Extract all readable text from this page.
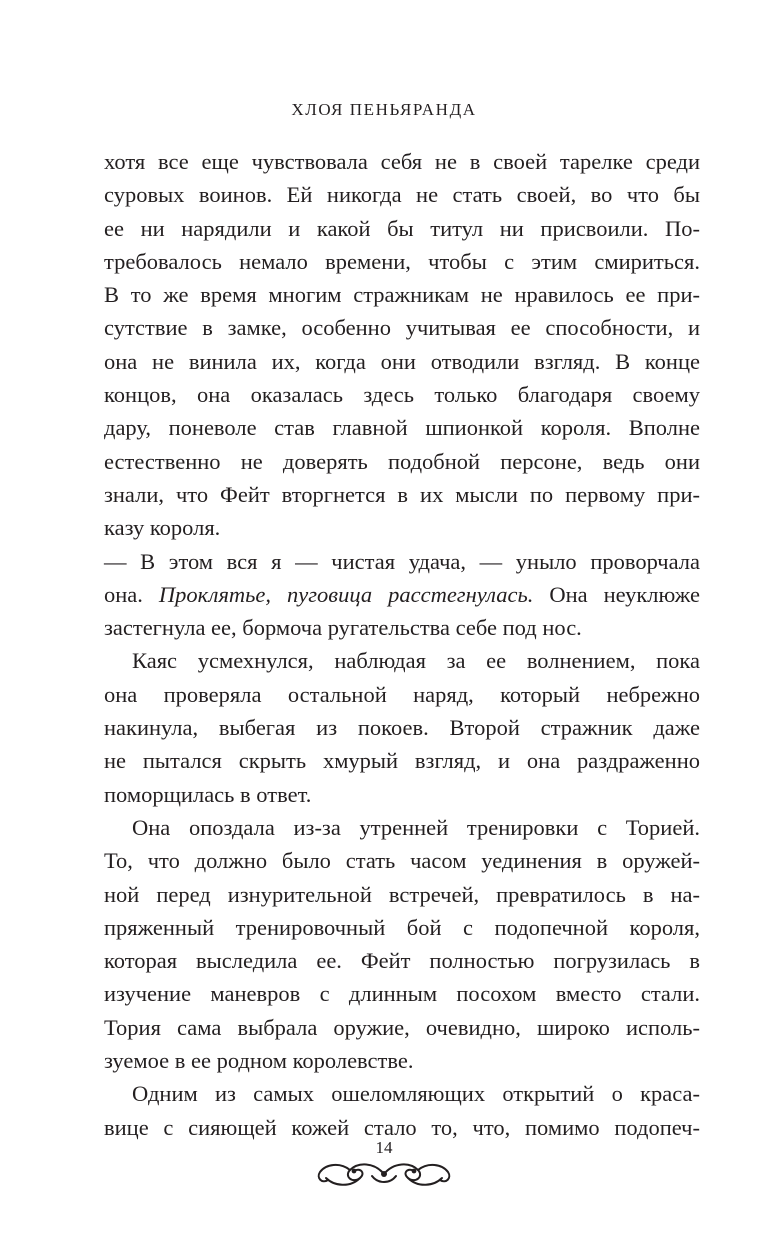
ХЛОЯ ПЕНЬЯРАНДА
хотя все еще чувствовала себя не в своей тарелке среди
суровых воинов. Ей никогда не стать своей, во что бы
ее ни нарядили и какой бы титул ни присвоили. По-
требовалось немало времени, чтобы с этим смириться.
В то же время многим стражникам не нравилось ее при-
сутствие в замке, особенно учитывая ее способности, и
она не винила их, когда они отводили взгляд. В конце
концов, она оказалась здесь только благодаря своему
дару, поневоле став главной шпионкой короля. Вполне
естественно не доверять подобной персоне, ведь они
знали, что Фейт вторгнется в их мысли по первому при-
казу короля.
— В этом вся я — чистая удача, — уныло проворчала
она. Проклятье, пуговица расстегнулась. Она неуклюже
застегнула ее, бормоча ругательства себе под нос.
Каяс усмехнулся, наблюдая за ее волнением, пока
она проверяла остальной наряд, который небрежно
накинула, выбегая из покоев. Второй стражник даже
не пытался скрыть хмурый взгляд, и она раздраженно
поморщилась в ответ.
Она опоздала из-за утренней тренировки с Торией.
То, что должно было стать часом уединения в оружей-
ной перед изнурительной встречей, превратилось в на-
пряженный тренировочный бой с подопечной короля,
которая выследила ее. Фейт полностью погрузилась в
изучение маневров с длинным посохом вместо стали.
Тория сама выбрала оружие, очевидно, широко исполь-
зуемое в ее родном королевстве.
Одним из самых ошеломляющих открытий о краса-
вице с сияющей кожей стало то, что, помимо подопеч-
14
